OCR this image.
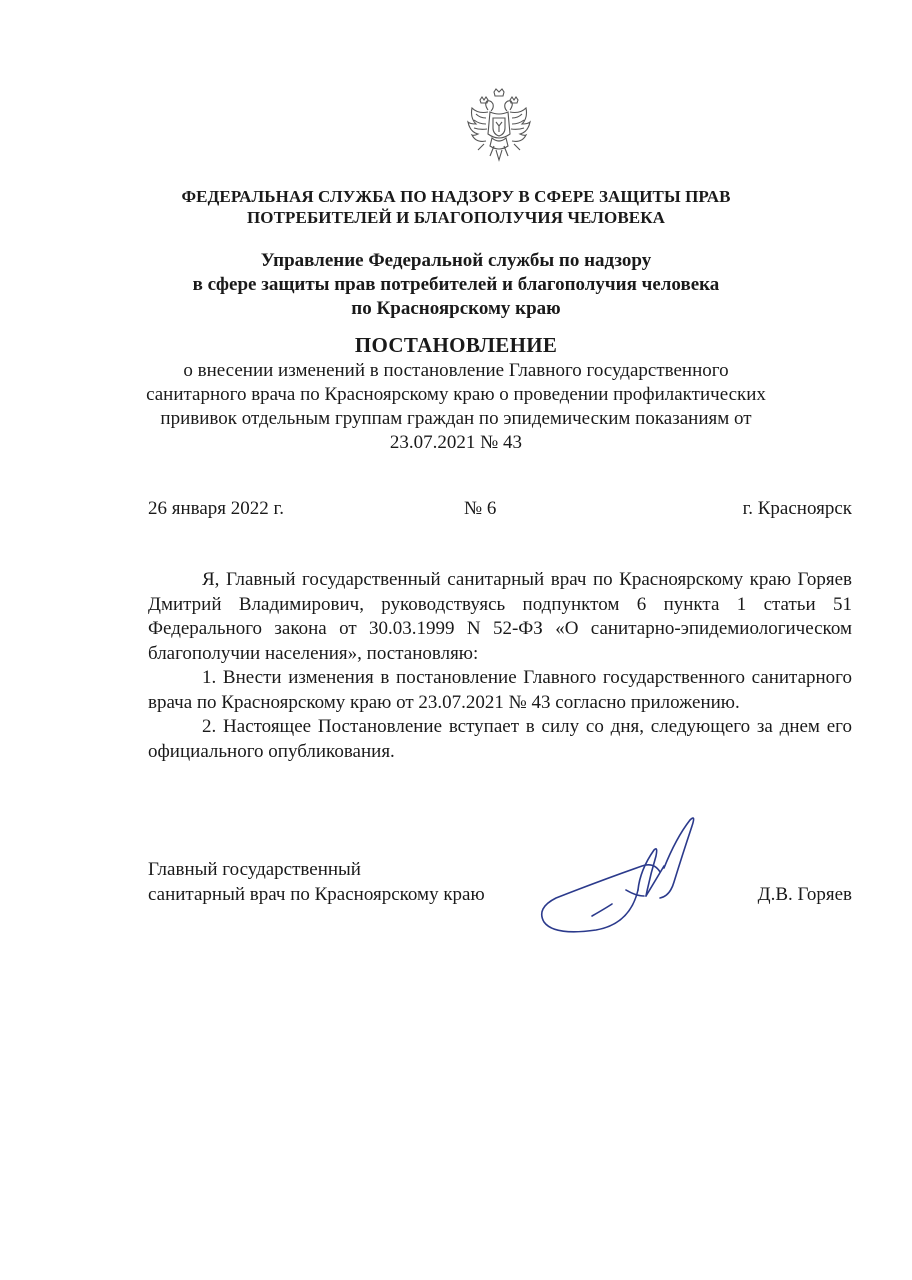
ФЕДЕРАЛЬНАЯ СЛУЖБА ПО НАДЗОРУ В СФЕРЕ ЗАЩИТЫ ПРАВ
ПОТРЕБИТЕЛЕЙ И БЛАГОПОЛУЧИЯ ЧЕЛОВЕКА
Управление Федеральной службы по надзору
в сфере защиты прав потребителей и благополучия человека
по Красноярскому краю
ПОСТАНОВЛЕНИЕ
о внесении изменений в постановление Главного государственного
санитарного врача по Красноярскому краю о проведении профилактических
прививок отдельным группам граждан по эпидемическим показаниям от
23.07.2021 № 43
26 января 2022 г.	№ 6	г. Красноярск

Я, Главный государственный санитарный врач по Красноярскому краю Горяев Дмитрий Владимирович, руководствуясь подпунктом 6 пункта 1 статьи 51 Федерального закона от 30.03.1999 N 52-ФЗ «О санитарно-эпидемиологическом благополучии населения», постановляю:

1. Внести изменения в постановление Главного государственного санитарного врача по Красноярскому краю от 23.07.2021 № 43 согласно приложению.

2. Настоящее Постановление вступает в силу со дня, следующего за днем его официального опубликования.

Главный государственный
санитарный врач по Красноярскому краю	Д.В. Горяев
